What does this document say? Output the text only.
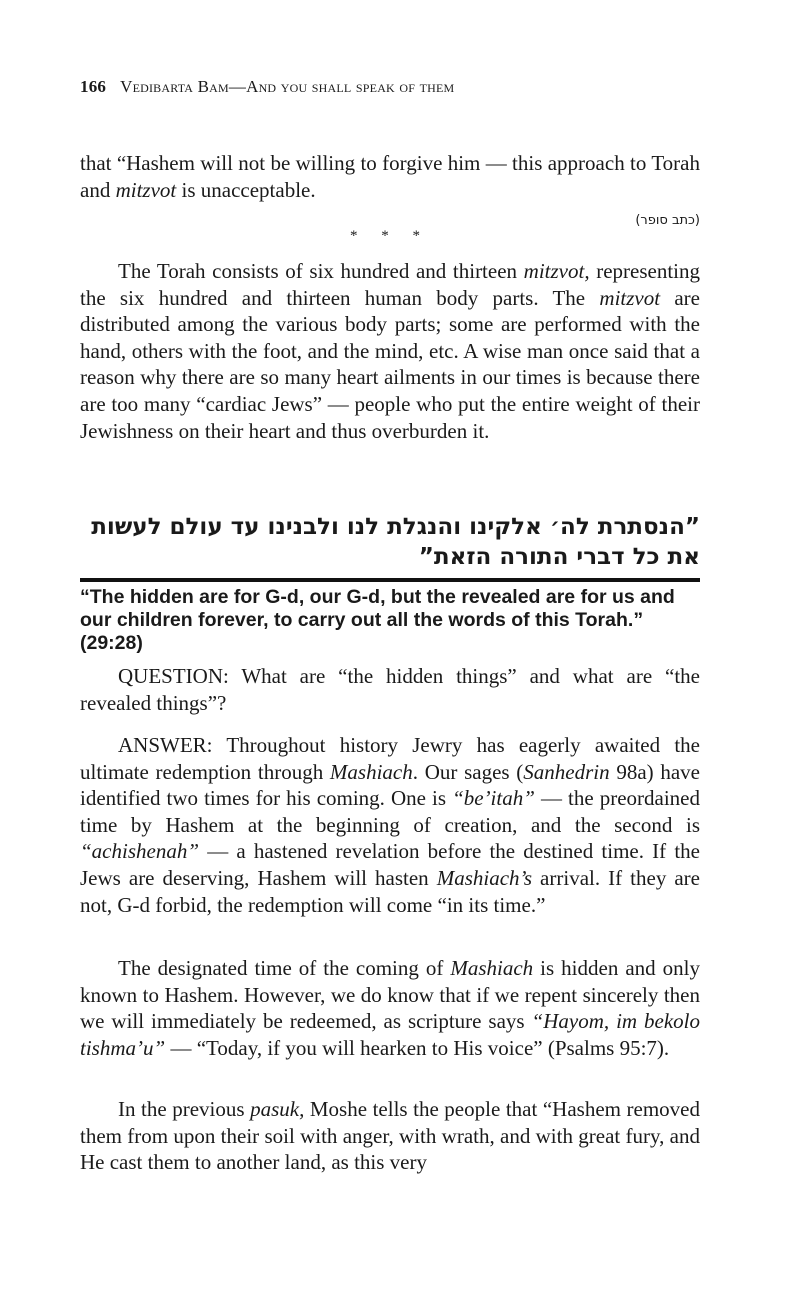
166 Vedibarta Bam—And you shall speak of them

that “Hashem will not be willing to forgive him — this approach to Torah and mitzvot is unacceptable.

(כתב סופר)
* * *

The Torah consists of six hundred and thirteen mitzvot, representing the six hundred and thirteen human body parts. The mitzvot are distributed among the various body parts; some are performed with the hand, others with the foot, and the mind, etc. A wise man once said that a reason why there are so many heart ailments in our times is because there are too many “cardiac Jews” — people who put the entire weight of their Jewishness on their heart and thus overburden it.

”הנסתרת לה׳ אלקינו והנגלת לנו ולבנינו עד עולם לעשות את כל דברי התורה הזאת”

“The hidden are for G-d, our G-d, but the revealed are for us and our children forever, to carry out all the words of this Torah.” (29:28)

QUESTION: What are “the hidden things” and what are “the revealed things”?

ANSWER: Throughout history Jewry has eagerly awaited the ultimate redemption through Mashiach. Our sages (Sanhedrin 98a) have identified two times for his coming. One is “be’itah” — the preordained time by Hashem at the beginning of creation, and the second is “achishenah” — a hastened revelation before the destined time. If the Jews are deserving, Hashem will hasten Mashiach’s arrival. If they are not, G-d forbid, the redemption will come “in its time.”

The designated time of the coming of Mashiach is hidden and only known to Hashem. However, we do know that if we repent sincerely then we will immediately be redeemed, as scripture says “Hayom, im bekolo tishma’u” — “Today, if you will hearken to His voice” (Psalms 95:7).

In the previous pasuk, Moshe tells the people that “Hashem removed them from upon their soil with anger, with wrath, and with great fury, and He cast them to another land, as this very
